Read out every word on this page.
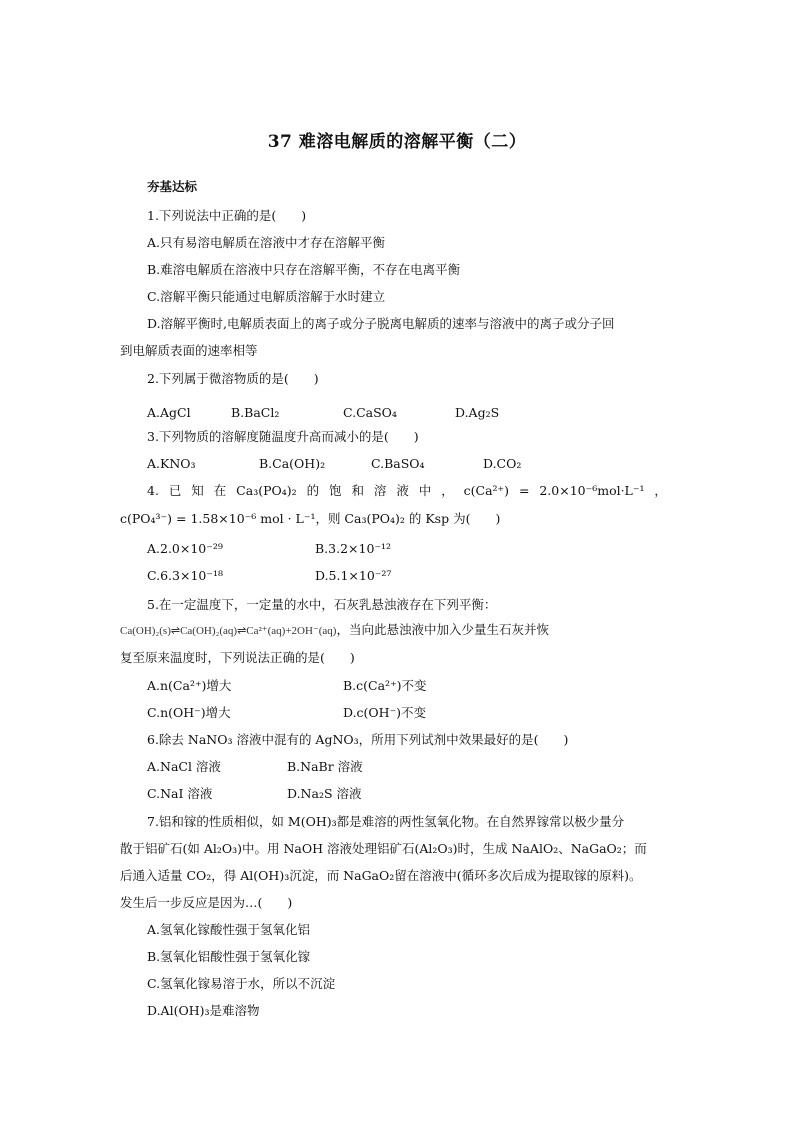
37 难溶电解质的溶解平衡（二）
夯基达标
1.下列说法中正确的是(　　)
A.只有易溶电解质在溶液中才存在溶解平衡
B.难溶电解质在溶液中只存在溶解平衡，不存在电离平衡
C.溶解平衡只能通过电解质溶解于水时建立
D.溶解平衡时,电解质表面上的离子或分子脱离电解质的速率与溶液中的离子或分子回
到电解质表面的速率相等
2.下列属于微溶物质的是(　　)
A.AgCl	B.BaCl₂	C.CaSO₄	D.Ag₂S
3.下列物质的溶解度随温度升高而减小的是(　　)
A.KNO₃	B.Ca(OH)₂	C.BaSO₄	D.CO₂
4. 已 知 在 Ca₃(PO₄)₂ 的 饱 和 溶 液 中 ， c(Ca²⁺) = 2.0×10⁻⁶mol·L⁻¹ ，
c(PO₄³⁻) = 1.58×10⁻⁶ mol · L⁻¹，则 Ca₃(PO₄)₂ 的 Ksp 为(　　)
A.2.0×10⁻²⁹	B.3.2×10⁻¹²
C.6.3×10⁻¹⁸	D.5.1×10⁻²⁷
5.在一定温度下，一定量的水中，石灰乳悬浊液存在下列平衡：
Ca(OH)₂(s)⇌Ca(OH)₂(aq)⇌Ca²⁺(aq)+2OH⁻(aq)，当向此悬浊液中加入少量生石灰并恢
复至原来温度时，下列说法正确的是(　　)
A.n(Ca²⁺)增大	B.c(Ca²⁺)不变
C.n(OH⁻)增大	D.c(OH⁻)不变
6.除去 NaNO₃ 溶液中混有的 AgNO₃，所用下列试剂中效果最好的是(　　)
A.NaCl 溶液	B.NaBr 溶液
C.NaI 溶液	D.Na₂S 溶液
7.铝和镓的性质相似，如 M(OH)₃都是难溶的两性氢氧化物。在自然界镓常以极少量分
散于铝矿石(如 Al₂O₃)中。用 NaOH 溶液处理铝矿石(Al₂O₃)时，生成 NaAlO₂、NaGaO₂；而
后通入适量 CO₂，得 Al(OH)₃沉淀，而 NaGaO₂留在溶液中(循环多次后成为提取镓的原料)。
发生后一步反应是因为…(　　)
A.氢氧化镓酸性强于氢氧化铝
B.氢氧化铝酸性强于氢氧化镓
C.氢氧化镓易溶于水，所以不沉淀
D.Al(OH)₃是难溶物
